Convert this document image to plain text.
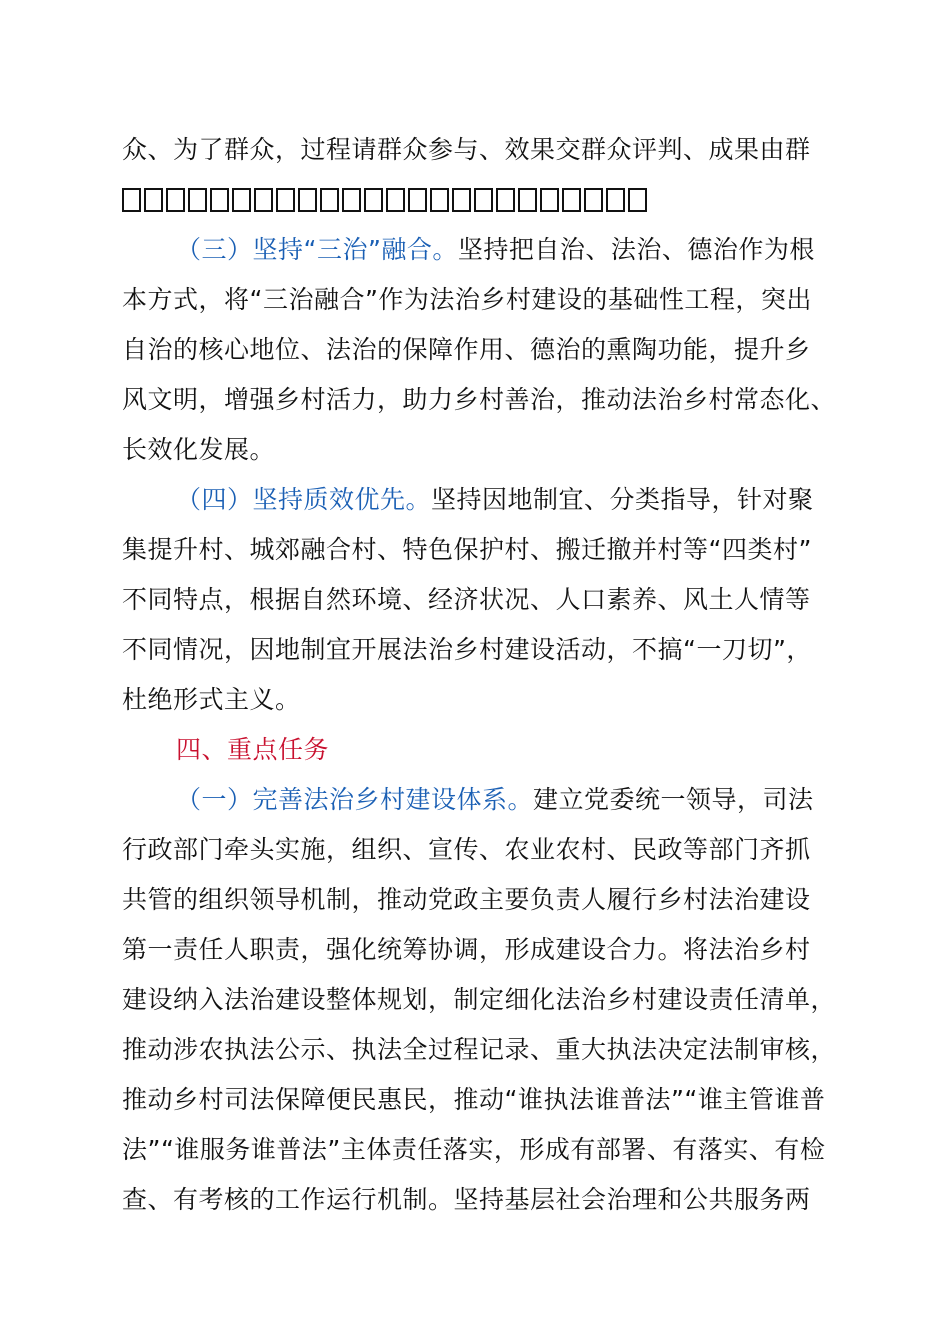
众、为了群众，过程请群众参与、效果交群众评判、成果由群
（三）坚持“三治”融合。坚持把自治、法治、德治作为根
本方式，将“三治融合”作为法治乡村建设的基础性工程，突出
自治的核心地位、法治的保障作用、德治的熏陶功能，提升乡
风文明，增强乡村活力，助力乡村善治，推动法治乡村常态化、
长效化发展。
（四）坚持质效优先。坚持因地制宜、分类指导，针对聚
集提升村、城郊融合村、特色保护村、搬迁撤并村等“四类村”
不同特点，根据自然环境、经济状况、人口素养、风土人情等
不同情况，因地制宜开展法治乡村建设活动，不搞“一刀切”，
杜绝形式主义。
四、重点任务
（一）完善法治乡村建设体系。建立党委统一领导，司法
行政部门牵头实施，组织、宣传、农业农村、民政等部门齐抓
共管的组织领导机制，推动党政主要负责人履行乡村法治建设
第一责任人职责，强化统筹协调，形成建设合力。将法治乡村
建设纳入法治建设整体规划，制定细化法治乡村建设责任清单，
推动涉农执法公示、执法全过程记录、重大执法决定法制审核，
推动乡村司法保障便民惠民，推动“谁执法谁普法”“谁主管谁普
法”“谁服务谁普法”主体责任落实，形成有部署、有落实、有检
查、有考核的工作运行机制。坚持基层社会治理和公共服务两
